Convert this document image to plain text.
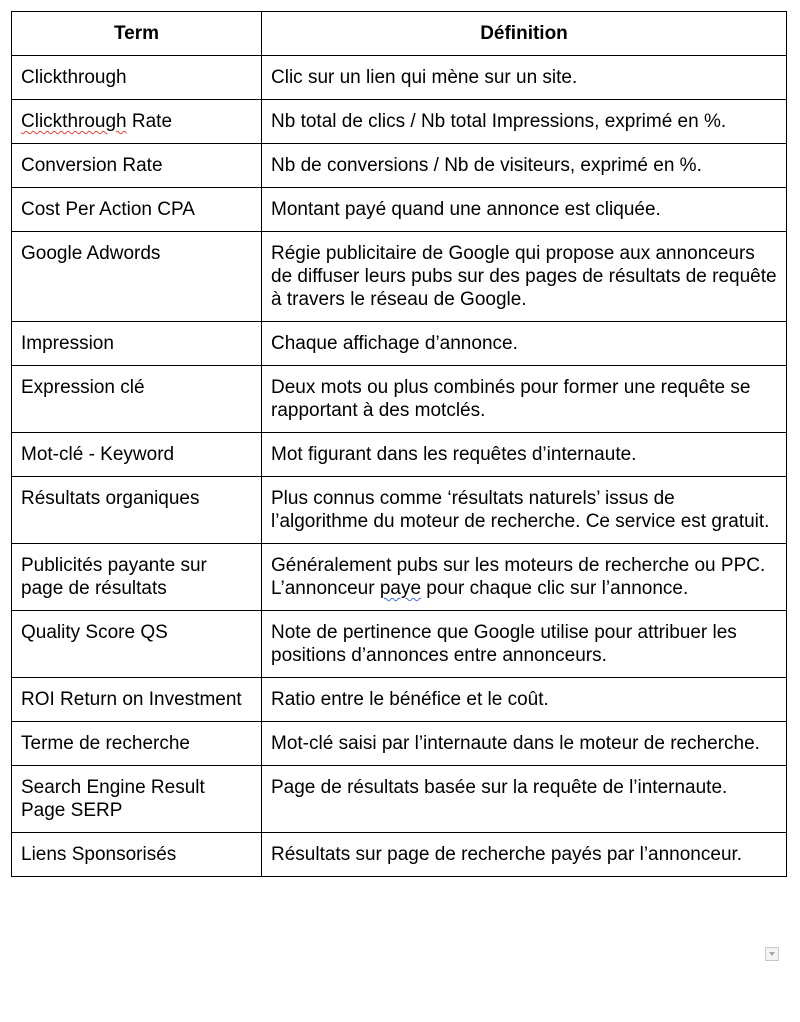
Term	Définition
Clickthrough	Clic sur un lien qui mène sur un site.
Clickthrough Rate	Nb total de clics / Nb total Impressions, exprimé en %.
Conversion Rate	Nb de conversions / Nb de visiteurs, exprimé en %.
Cost Per Action CPA	Montant payé quand une annonce est cliquée.
Google Adwords	Régie publicitaire de Google qui propose aux annonceurs de diffuser leurs pubs sur des pages de résultats de requête à travers le réseau de Google.
Impression	Chaque affichage d’annonce.
Expression clé	Deux mots ou plus combinés pour former une requête se rapportant à des motclés.
Mot-clé - Keyword	Mot figurant dans les requêtes d’internaute.
Résultats organiques	Plus connus comme ‘résultats naturels’ issus de l’algorithme du moteur de recherche. Ce service est gratuit.
Publicités payante sur page de résultats	Généralement pubs sur les moteurs de recherche ou PPC. L’annonceur paye pour chaque clic sur l’annonce.
Quality Score QS	Note de pertinence que Google utilise pour attribuer les positions d’annonces entre annonceurs.
ROI Return on Investment	Ratio entre le bénéfice et le coût.
Terme de recherche	Mot-clé saisi par l’internaute dans le moteur de recherche.
Search Engine Result Page SERP	Page de résultats basée sur la requête de l’internaute.
Liens Sponsorisés	Résultats sur page de recherche payés par l’annonceur.
